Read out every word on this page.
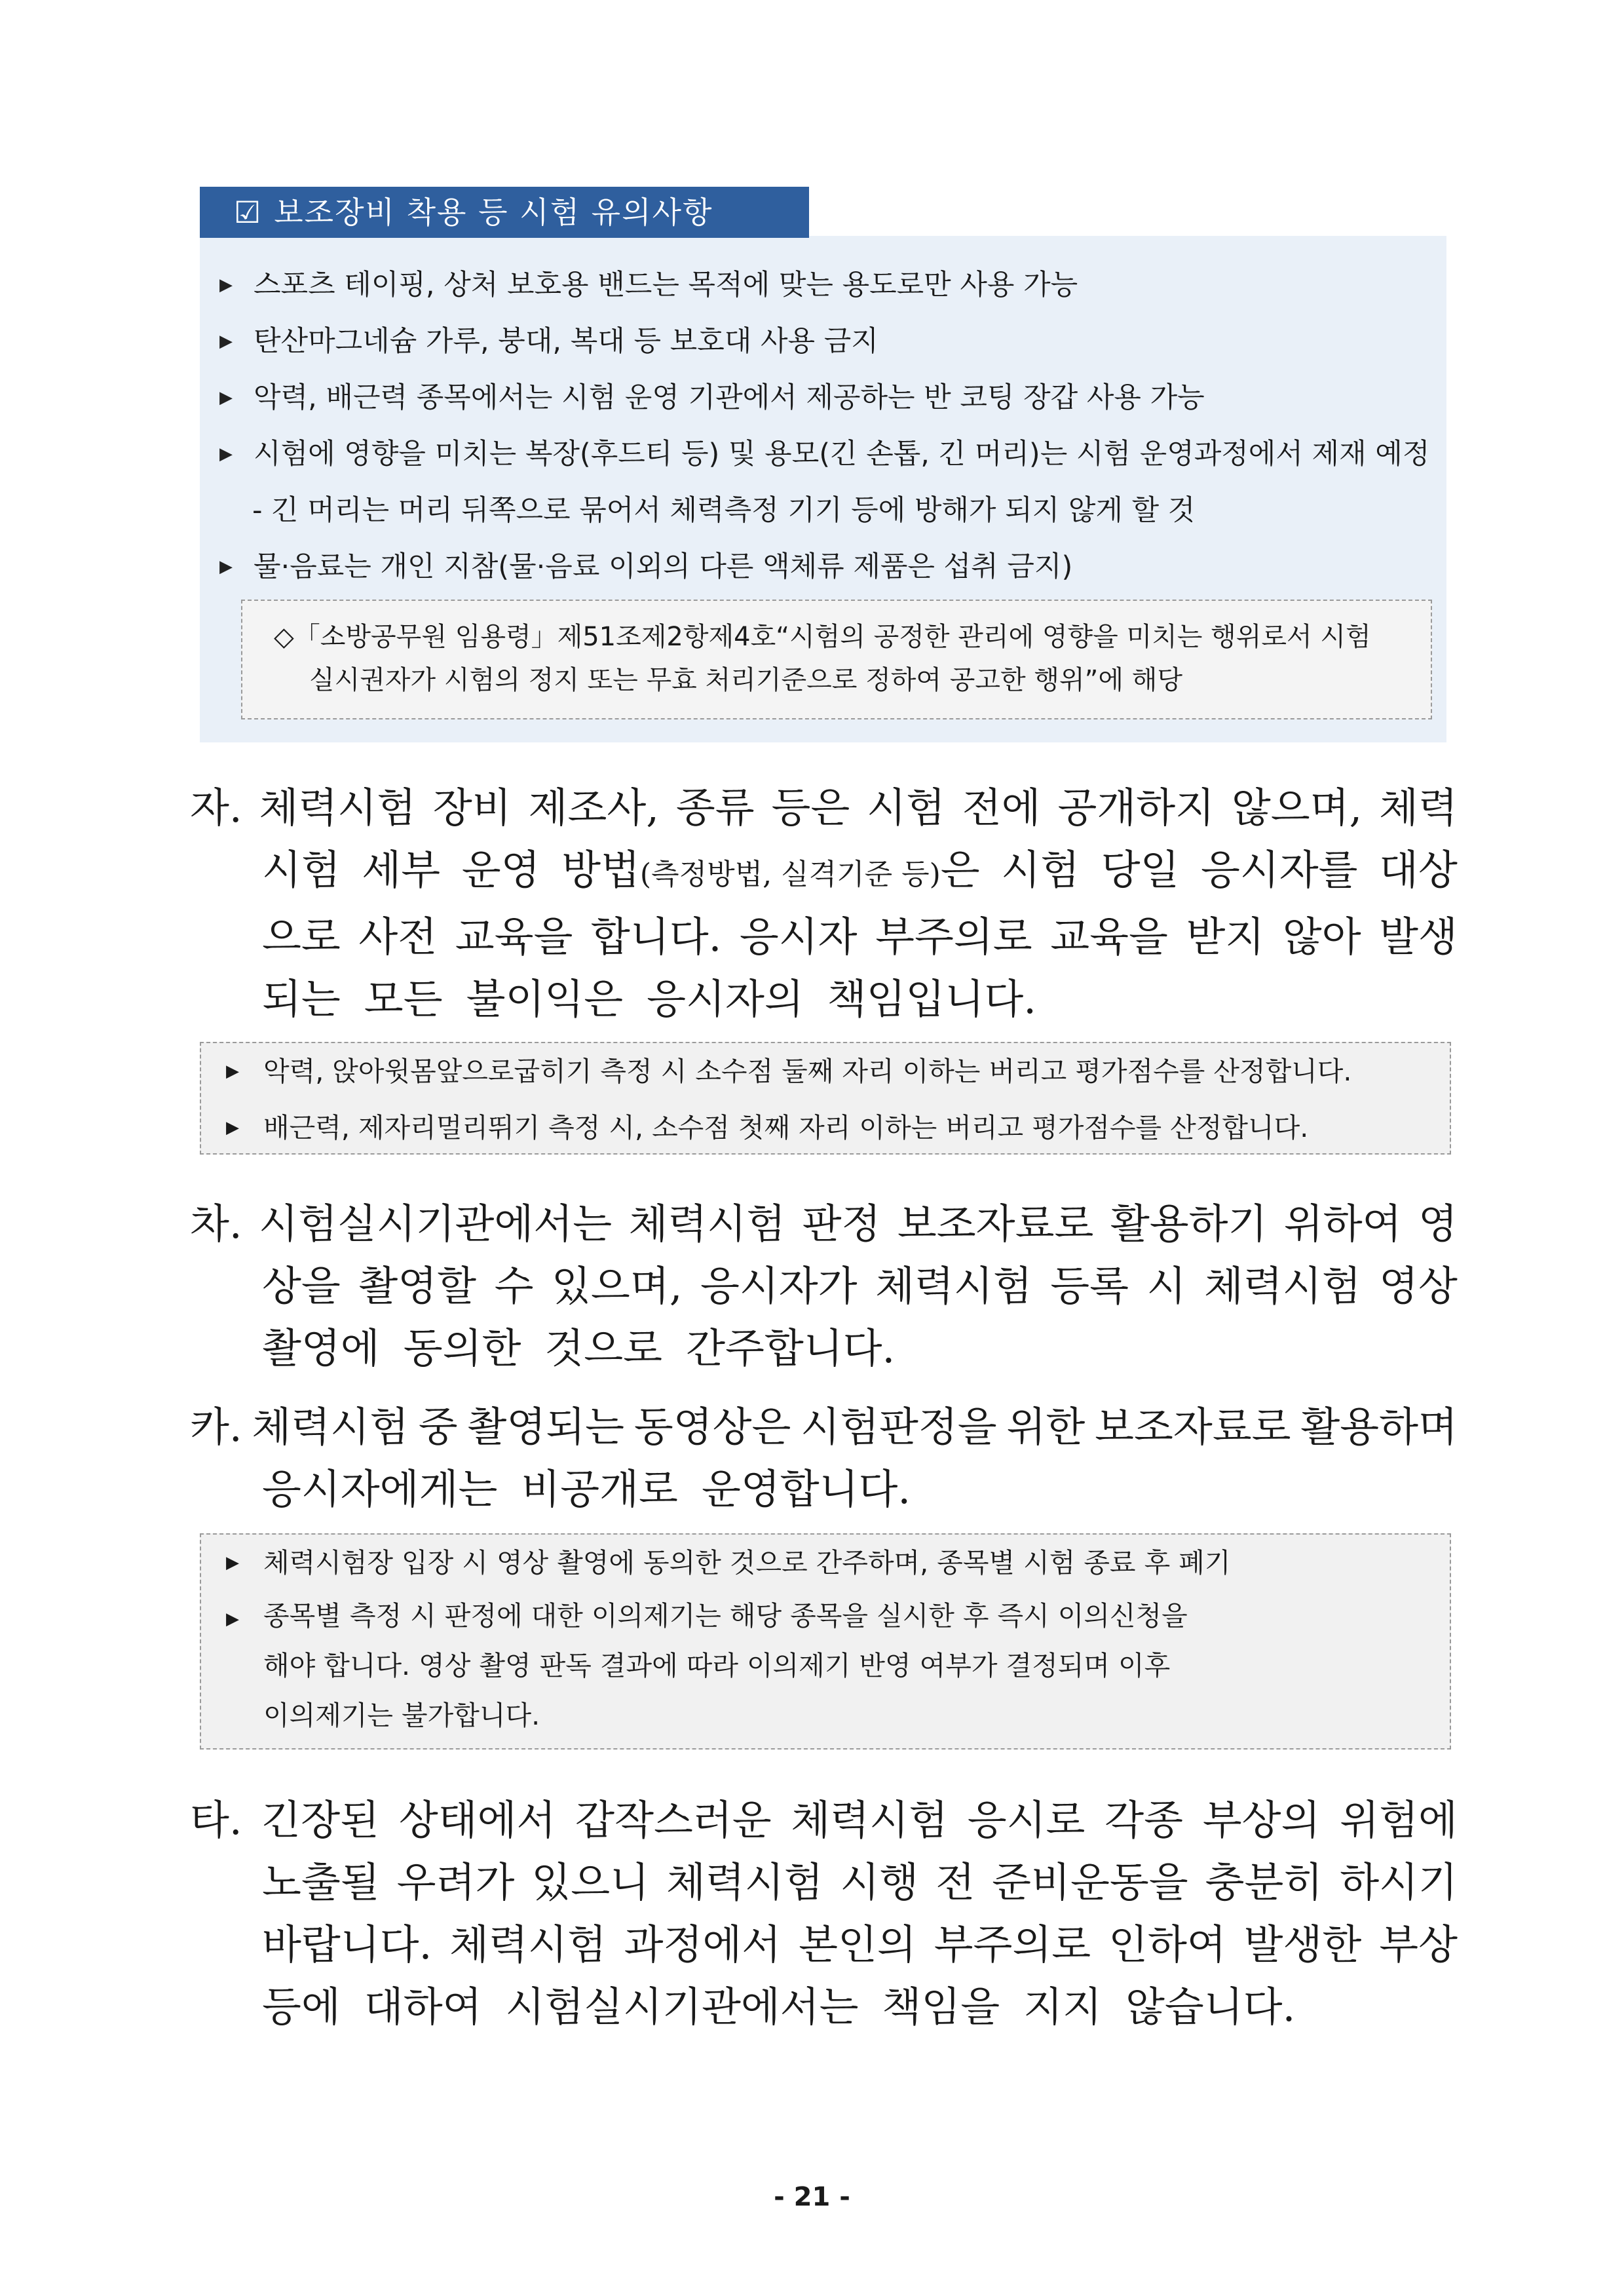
☑ 보조장비 착용 등 시험 유의사항
▶ 스포츠 테이핑, 상처 보호용 밴드는 목적에 맞는 용도로만 사용 가능
▶ 탄산마그네슘 가루, 붕대, 복대 등 보호대 사용 금지
▶ 악력, 배근력 종목에서는 시험 운영 기관에서 제공하는 반 코팅 장갑 사용 가능
▶ 시험에 영향을 미치는 복장(후드티 등) 및 용모(긴 손톱, 긴 머리)는 시험 운영과정에서 제재 예정
- 긴 머리는 머리 뒤쪽으로 묶어서 체력측정 기기 등에 방해가 되지 않게 할 것
▶ 물·음료는 개인 지참(물·음료 이외의 다른 액체류 제품은 섭취 금지)
◇「소방공무원 임용령」제51조제2항제4호“시험의 공정한 관리에 영향을 미치는 행위로서 시험
실시권자가 시험의 정지 또는 무효 처리기준으로 정하여 공고한 행위”에 해당
자. 체력시험 장비 제조사, 종류 등은 시험 전에 공개하지 않으며, 체력
시험 세부 운영 방법(측정방법, 실격기준 등)은 시험 당일 응시자를 대상
으로 사전 교육을 합니다. 응시자 부주의로 교육을 받지 않아 발생
되는 모든 불이익은 응시자의 책임입니다.
▶ 악력, 앉아윗몸앞으로굽히기 측정 시 소수점 둘째 자리 이하는 버리고 평가점수를 산정합니다.
▶ 배근력, 제자리멀리뛰기 측정 시, 소수점 첫째 자리 이하는 버리고 평가점수를 산정합니다.
차. 시험실시기관에서는 체력시험 판정 보조자료로 활용하기 위하여 영
상을 촬영할 수 있으며, 응시자가 체력시험 등록 시 체력시험 영상
촬영에 동의한 것으로 간주합니다.
카. 체력시험 중 촬영되는 동영상은 시험판정을 위한 보조자료로 활용하며
응시자에게는 비공개로 운영합니다.
▶ 체력시험장 입장 시 영상 촬영에 동의한 것으로 간주하며, 종목별 시험 종료 후 폐기
▶ 종목별 측정 시 판정에 대한 이의제기는 해당 종목을 실시한 후 즉시 이의신청을
해야 합니다. 영상 촬영 판독 결과에 따라 이의제기 반영 여부가 결정되며 이후
이의제기는 불가합니다.
타. 긴장된 상태에서 갑작스러운 체력시험 응시로 각종 부상의 위험에
노출될 우려가 있으니 체력시험 시행 전 준비운동을 충분히 하시기
바랍니다. 체력시험 과정에서 본인의 부주의로 인하여 발생한 부상
등에 대하여 시험실시기관에서는 책임을 지지 않습니다.
- 21 -
